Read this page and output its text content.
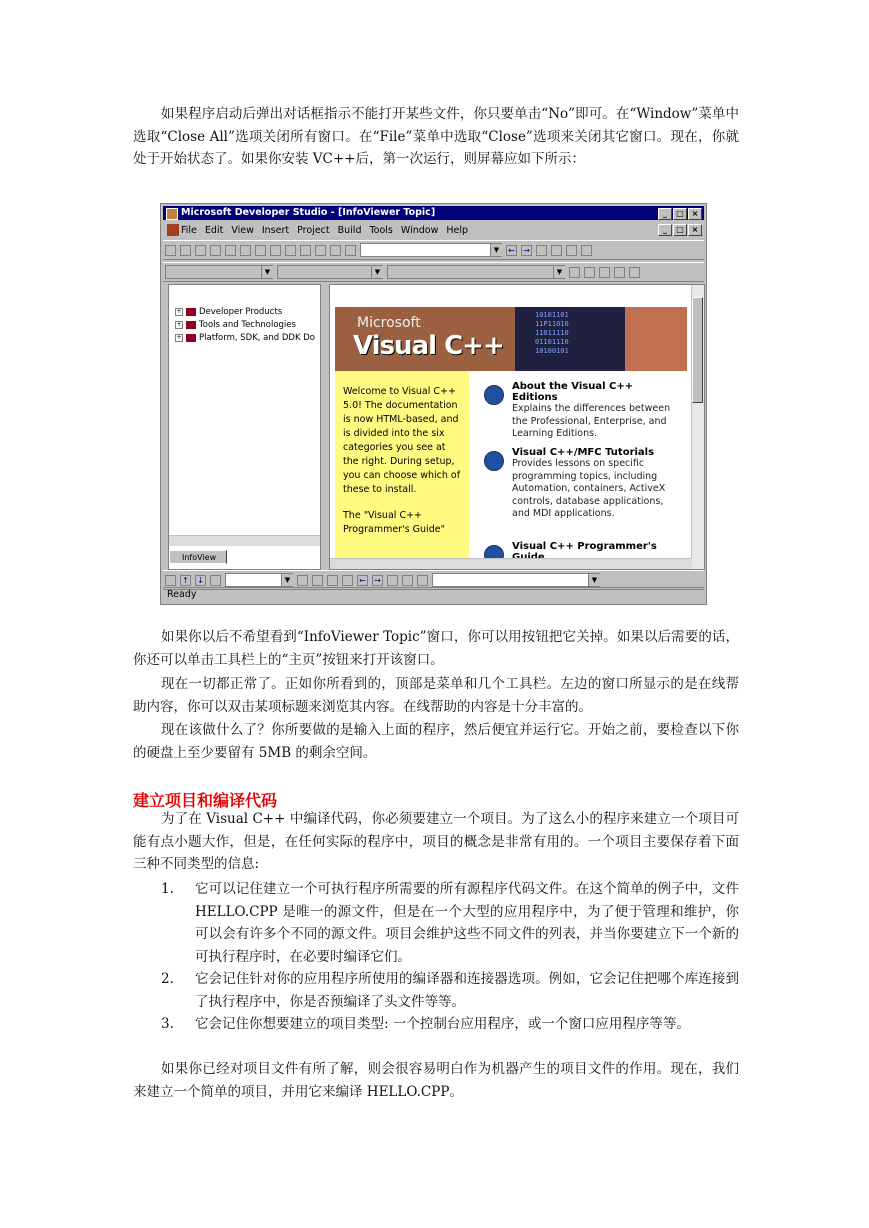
如果程序启动后弹出对话框指示不能打开某些文件，你只要单击“No”即可。在“Window”菜单中选取“Close All”选项关闭所有窗口。在“File”菜单中选取“Close”选项来关闭其它窗口。现在，你就处于开始状态了。如果你安装 VC++后，第一次运行，则屏幕应如下所示：

Microsoft Developer Studio - [InfoViewer Topic]	_	□ ×
File Edit View Insert Project Build Tools Window Help	_	□ ×
▼	← →
▼	▼	▼
+ Developer Products
+ Tools and Technologies
+ Platform, SDK, and DDK Do
InfoView
Microsoft
Visual C++
10101101
11P11010
11011110
01101110
10100101

Welcome to Visual C++ 5.0! The documentation is now HTML-based, and is divided into the six categories you see at the right. During setup, you can choose which of these to install.

The "Visual C++ Programmer's Guide"

About the Visual C++ Editions

Explains the differences between the Professional, Enterprise, and Learning Editions.

Visual C++/MFC Tutorials

Provides lessons on specific programming topics, including Automation, containers, ActiveX controls, database applications, and MDI applications.

Visual C++ Programmer's
↑ ↓	▼	← →	▼
Ready

如果你以后不希望看到“InfoViewer Topic”窗口，你可以用按钮把它关掉。如果以后需要的话，你还可以单击工具栏上的“主页”按钮来打开该窗口。

现在一切都正常了。正如你所看到的，顶部是菜单和几个工具栏。左边的窗口所显示的是在线帮助内容，你可以双击某项标题来浏览其内容。在线帮助的内容是十分丰富的。

现在该做什么了？你所要做的是输入上面的程序，然后便宜并运行它。开始之前，要检查以下你的硬盘上至少要留有 5MB 的剩余空间。

建立项目和编译代码

为了在 Visual C++ 中编译代码，你必须要建立一个项目。为了这么小的程序来建立一个项目可能有点小题大作，但是，在任何实际的程序中，项目的概念是非常有用的。一个项目主要保存着下面三种不同类型的信息:

1. 它可以记住建立一个可执行程序所需要的所有源程序代码文件。在这个简单的例子中，文件 HELLO.CPP 是唯一的源文件，但是在一个大型的应用程序中，为了便于管理和维护，你可以会有许多个不同的源文件。项目会维护这些不同文件的列表，并当你要建立下一个新的可执行程序时，在必要时编译它们。
2. 它会记住针对你的应用程序所使用的编译器和连接器选项。例如，它会记住把哪个库连接到了执行程序中，你是否预编译了头文件等等。
3. 它会记住你想要建立的项目类型: 一个控制台应用程序，或一个窗口应用程序等等。

如果你已经对项目文件有所了解，则会很容易明白作为机器产生的项目文件的作用。现在，我们来建立一个简单的项目，并用它来编译 HELLO.CPP。
